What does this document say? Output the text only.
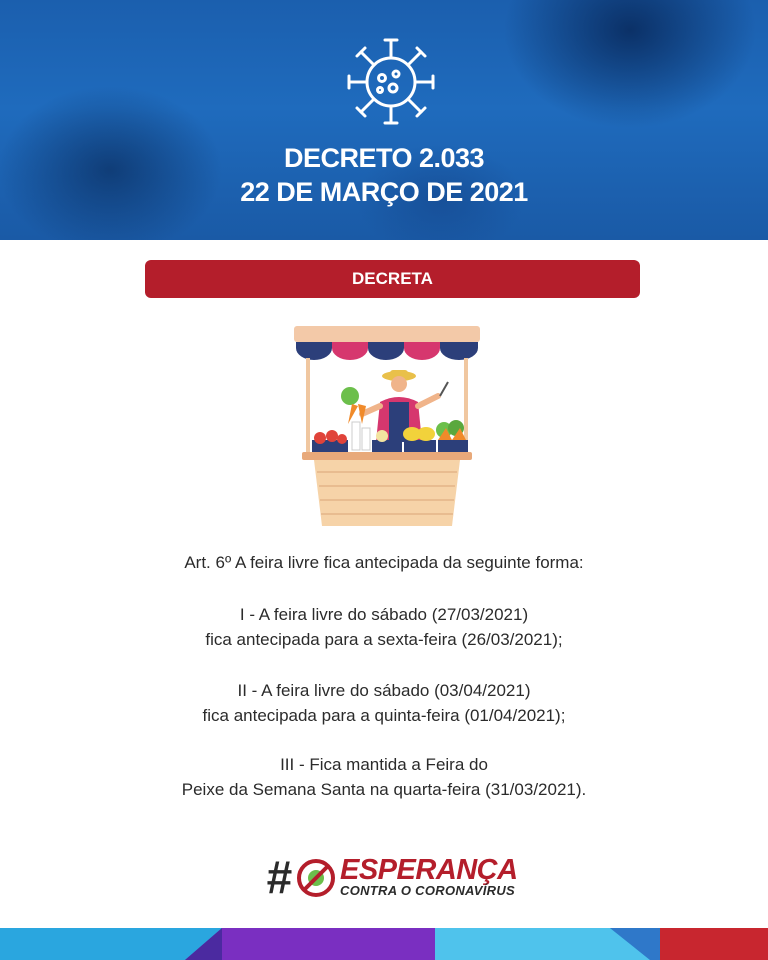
DECRETO 2.033
22 DE MARÇO DE 2021
DECRETA
Art. 6º A feira livre fica antecipada da seguinte forma:
I - A feira livre do sábado (27/03/2021)
fica antecipada para a sexta-feira (26/03/2021);
II - A feira livre do sábado (03/04/2021)
fica antecipada para a quinta-feira (01/04/2021);
III - Fica mantida a Feira do
Peixe da Semana Santa na quarta-feira (31/03/2021).
# ESPERANÇA
CONTRA O CORONAVÍRUS
